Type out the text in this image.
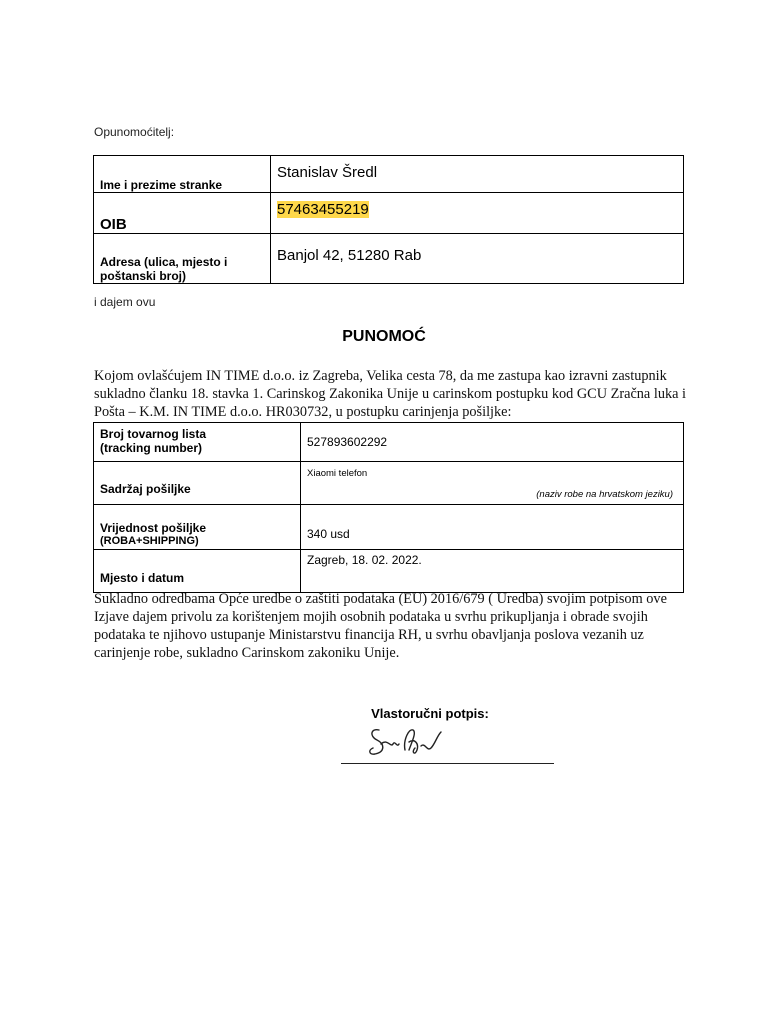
Opunomoćitelj:
Ime i prezime stranke	Stanislav Šredl

OIB	57463455219

Adresa (ulica, mjesto i poštanski broj)	Banjol 42, 51280 Rab
i dajem ovu
PUNOMOĆ
Kojom ovlašćujem IN TIME d.o.o. iz Zagreba, Velika cesta 78, da me zastupa kao izravni zastupnik sukladno članku 18. stavka 1. Carinskog Zakonika Unije u carinskom postupku kod GCU Zračna luka i Pošta – K.M. IN TIME d.o.o. HR030732, u postupku carinjenja pošiljke:
Broj tovarnog lista
(tracking number)	527893602292

Sadržaj pošiljke	Xiaomi telefon
(naziv robe na hrvatskom jeziku)

Vrijednost pošiljke
(ROBA+SHIPPING)	340 usd

Mjesto i datum	Zagreb, 18. 02. 2022.
Sukladno odredbama Opće uredbe o zaštiti podataka (EU) 2016/679 ( Uredba) svojim potpisom ove Izjave dajem privolu za korištenjem mojih osobnih podataka u svrhu prikupljanja i obrade svojih podataka te njihovo ustupanje Ministarstvu financija RH, u svrhu obavljanja poslova vezanih uz carinjenje robe, sukladno Carinskom zakoniku Unije.
Vlastoručni potpis:
